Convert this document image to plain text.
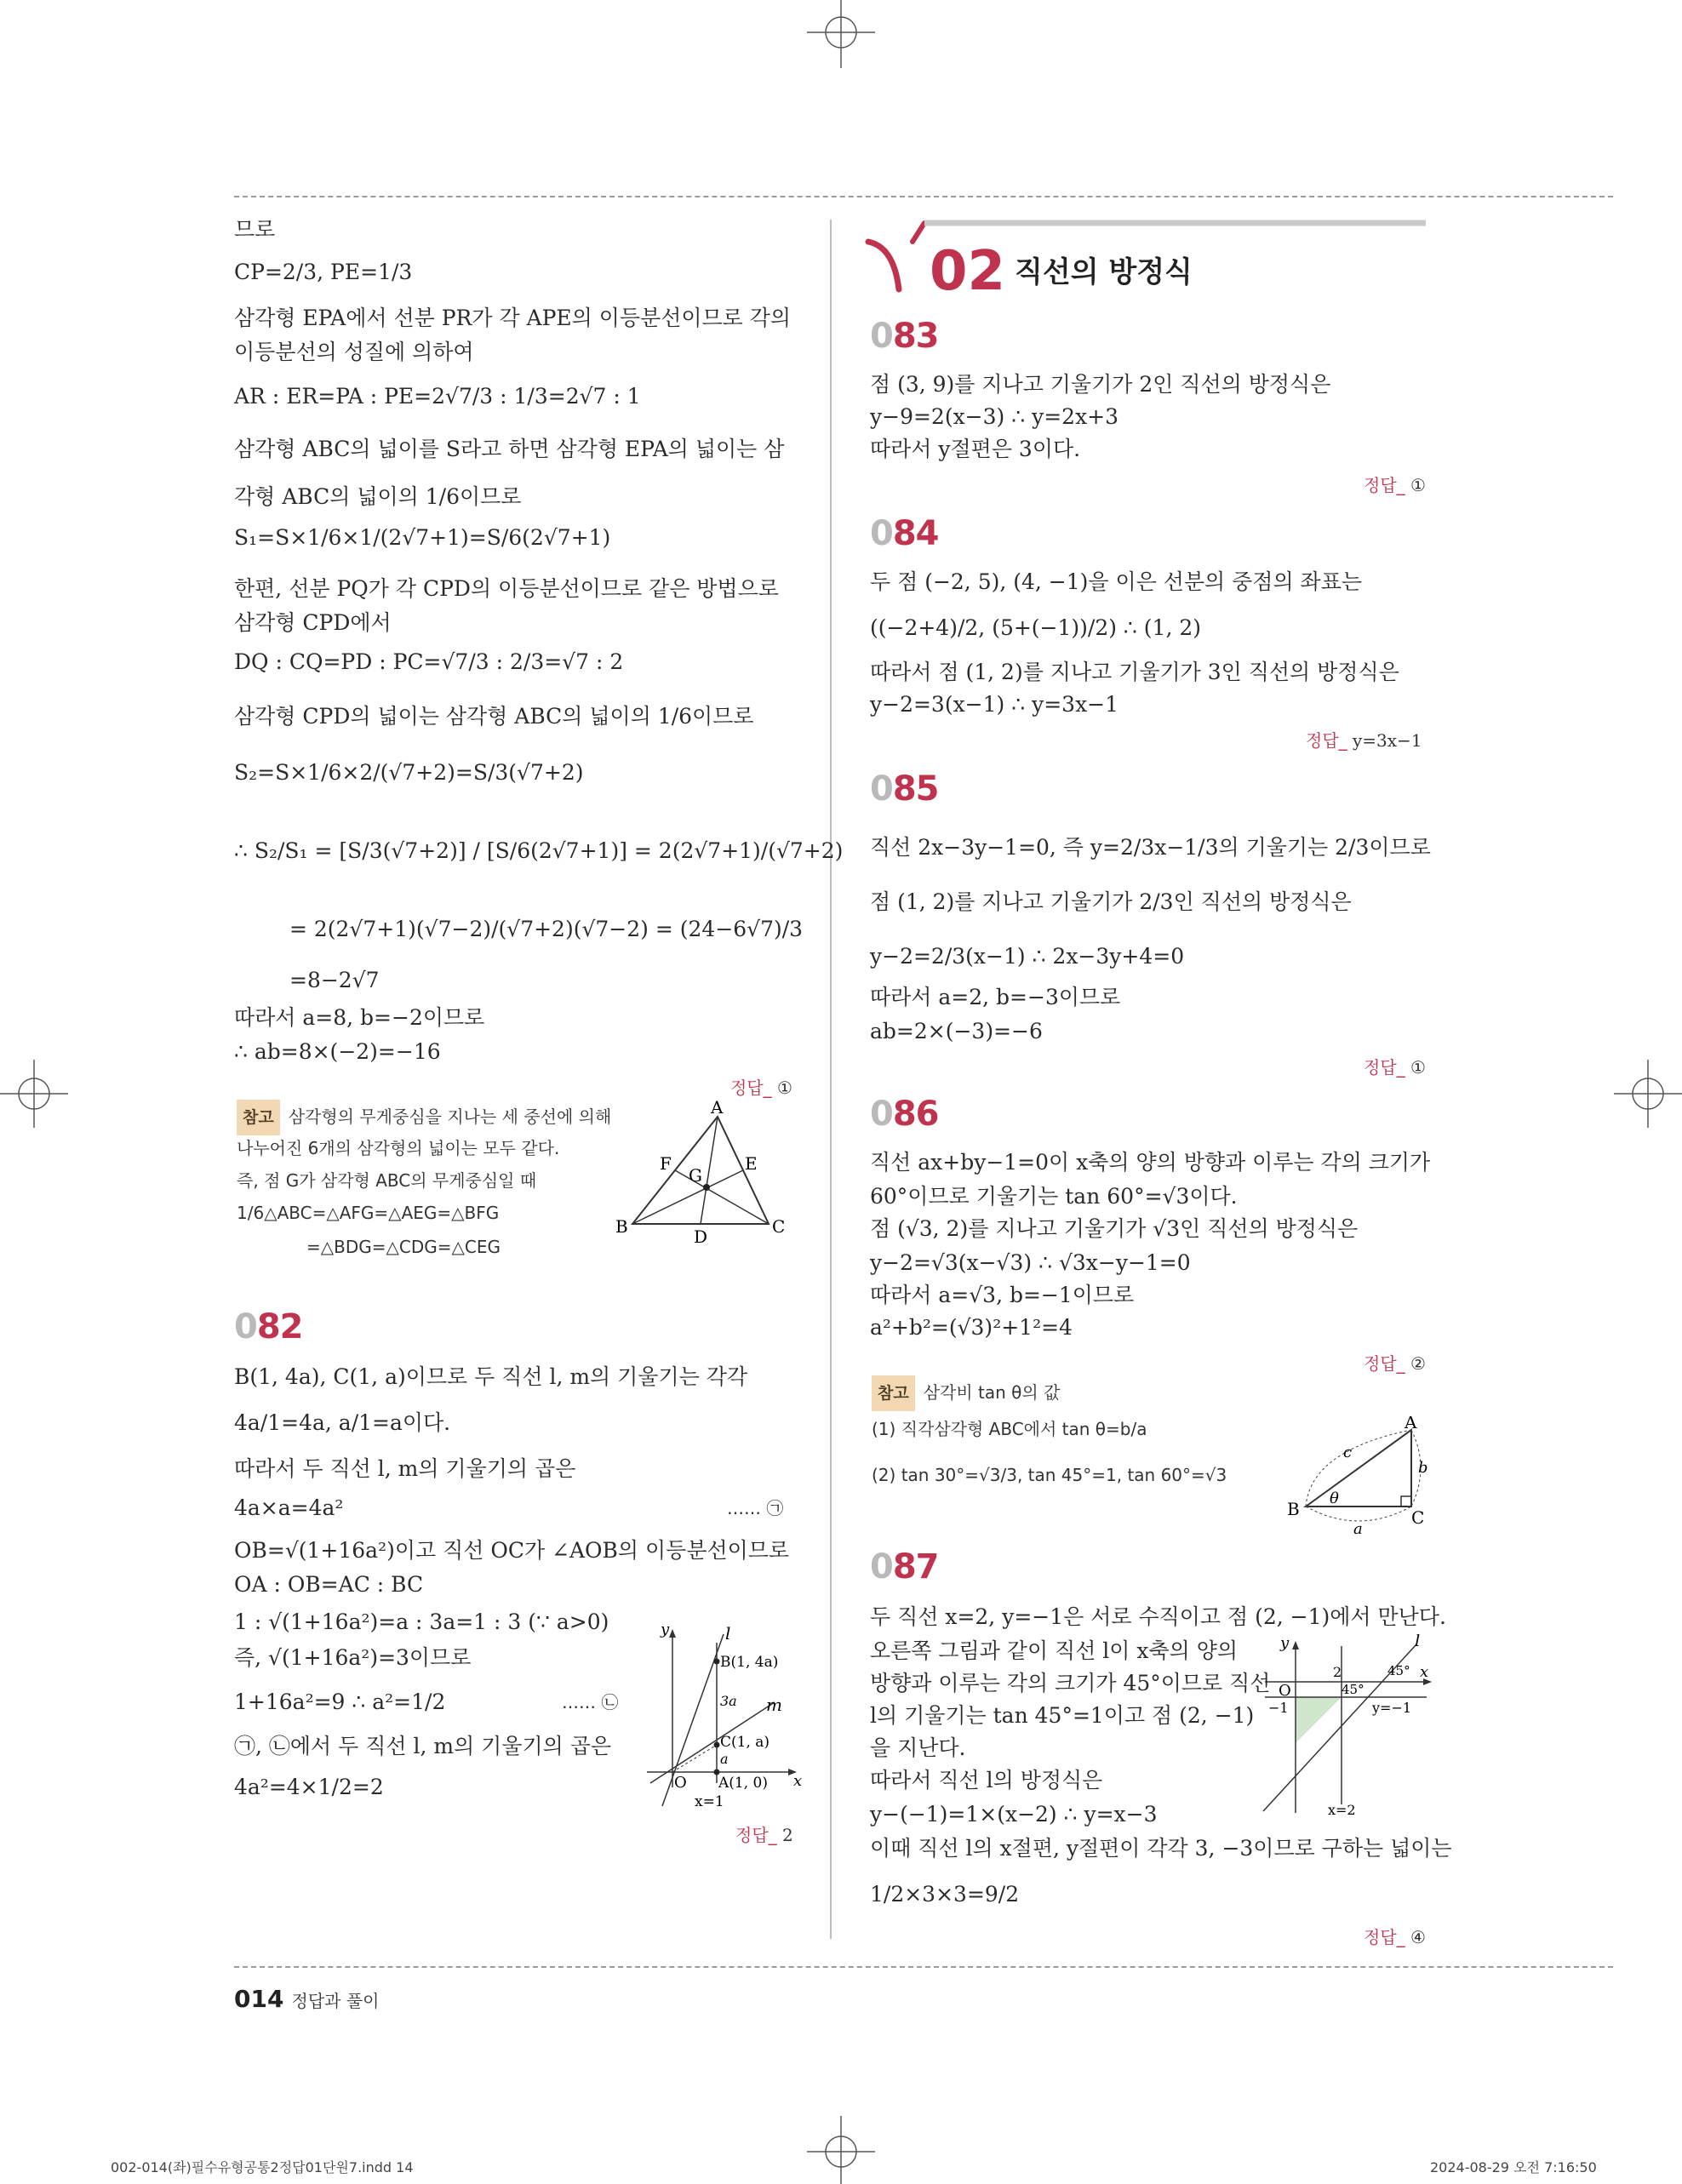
므로
CP=2/3, PE=1/3
삼각형 EPA에서 선분 PR가 각 APE의 이등분선이므로 각의 이등분선의 성질에 의하여
AR : ER=PA : PE=2√7/3 : 1/3=2√7 : 1
삼각형 ABC의 넓이를 S라고 하면 삼각형 EPA의 넓이는 삼각형 ABC의 넓이의 1/6이므로
S₁=S×1/6×1/(2√7+1)=S/6(2√7+1)
한편, 선분 PQ가 각 CPD의 이등분선이므로 같은 방법으로 삼각형 CPD에서
DQ : CQ=PD : PC=√7/3 : 2/3=√7 : 2
삼각형 CPD의 넓이는 삼각형 ABC의 넓이의 1/6이므로
S₂=S×1/6×2/(√7+2)=S/3(√7+2)
∴ S₂/S₁ = [S/3(√7+2)] / [S/6(2√7+1)] = 2(2√7+1)/(√7+2)
= 2(2√7+1)(√7−2)/(√7+2)(√7−2) = (24−6√7)/3
=8−2√7
따라서 a=8, b=−2이므로
∴ ab=8×(−2)=−16
정답_ ①
참고 삼각형의 무게중심을 지나는 세 중선에 의해
나누어진 6개의 삼각형의 넓이는 모두 같다.
즉, 점 G가 삼각형 ABC의 무게중심일 때
1/6△ABC=△AFG=△AEG=△BFG
=△BDG=△CDG=△CEG
A
B	C
D
E
F
G
082
B(1, 4a), C(1, a)이므로 두 직선 l, m의 기울기는 각각
4a/1=4a, a/1=a이다.
따라서 두 직선 l, m의 기울기의 곱은
4a×a=4a²	…… ㉠
OB=√(1+16a²)이고 직선 OC가 ∠AOB의 이등분선이므로
OA : OB=AC : BC
1 : √(1+16a²)=a : 3a=1 : 3 (∵ a>0)
즉, √(1+16a²)=3이므로
1+16a²=9 ∴ a²=1/2	…… ㉡
㉠, ㉡에서 두 직선 l, m의 기울기의 곱은
4a²=4×1/2=2
y
x
O
l
m
B(1, 4a)
C(1, a)
A(1, 0)
x=1
3a
a
정답_ 2
02 직선의 방정식
083
점 (3, 9)를 지나고 기울기가 2인 직선의 방정식은
y−9=2(x−3) ∴ y=2x+3
따라서 y절편은 3이다.
정답_ ①
084
두 점 (−2, 5), (4, −1)을 이은 선분의 중점의 좌표는
((−2+4)/2, (5+(−1))/2) ∴ (1, 2)
따라서 점 (1, 2)를 지나고 기울기가 3인 직선의 방정식은
y−2=3(x−1) ∴ y=3x−1
정답_ y=3x−1
085
직선 2x−3y−1=0, 즉 y=2/3x−1/3의 기울기는 2/3이므로
점 (1, 2)를 지나고 기울기가 2/3인 직선의 방정식은
y−2=2/3(x−1) ∴ 2x−3y+4=0
따라서 a=2, b=−3이므로
ab=2×(−3)=−6
정답_ ①
086
직선 ax+by−1=0이 x축의 양의 방향과 이루는 각의 크기가
60°이므로 기울기는 tan 60°=√3이다.
점 (√3, 2)를 지나고 기울기가 √3인 직선의 방정식은
y−2=√3(x−√3) ∴ √3x−y−1=0
따라서 a=√3, b=−1이므로
a²+b²=(√3)²+1²=4
정답_ ②
참고 삼각비 tan θ의 값
(1) 직각삼각형 ABC에서 tan θ=b/a
(2) tan 30°=√3/3, tan 45°=1, tan 60°=√3
A
B	C
a
b
c
θ
087
두 직선 x=2, y=−1은 서로 수직이고 점 (2, −1)에서 만난다.
오른쪽 그림과 같이 직선 l이 x축의 양의
방향과 이루는 각의 크기가 45°이므로 직선
l의 기울기는 tan 45°=1이고 점 (2, −1)
을 지난다.
따라서 직선 l의 방정식은
y−(−1)=1×(x−2) ∴ y=x−3
이때 직선 l의 x절편, y절편이 각각 3, −3이므로 구하는 넓이는
1/2×3×3=9/2
y
x
O
l
2
−1
45°
45°
y=−1
x=2
정답_ ④
014 정답과 풀이
002-014(좌)필수유형공통2정답01단원7.indd 14	2024-08-29 오전 7:16:50
